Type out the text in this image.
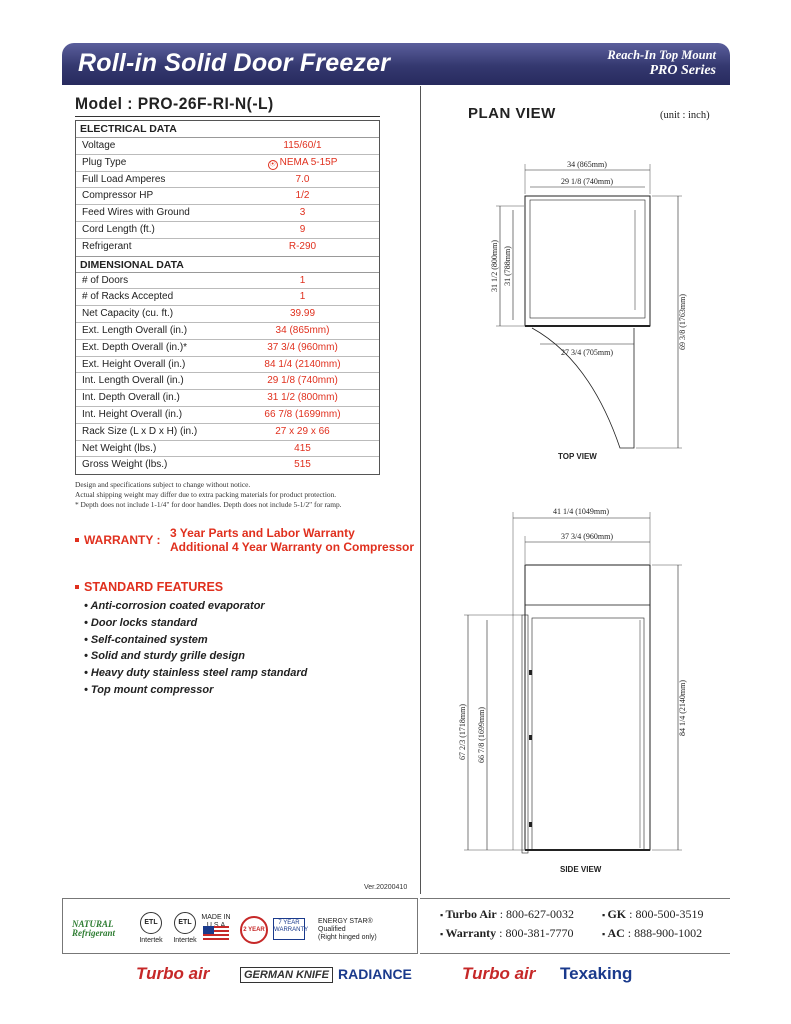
Roll-in Solid Door Freezer	Reach-In Top Mount
PRO Series
Model : PRO-26F-RI-N(-L)
ELECTRICAL DATA
Voltage	115/60/1
Plug Type	⦿ NEMA 5-15P
Full Load Amperes	7.0
Compressor HP	1/2
Feed Wires with Ground	3
Cord Length (ft.)	9
Refrigerant	R-290
DIMENSIONAL DATA
# of Doors	1
# of Racks Accepted	1
Net Capacity (cu. ft.)	39.99
Ext. Length Overall (in.)	34 (865mm)
Ext. Depth Overall (in.)*	37 3/4 (960mm)
Ext. Height Overall (in.)	84 1/4 (2140mm)
Int. Length Overall (in.)	29 1/8 (740mm)
Int. Depth Overall (in.)	31 1/2 (800mm)
Int. Height Overall (in.)	66 7/8 (1699mm)
Rack Size (L x D x H) (in.)	27 x 29 x 66
Net Weight (lbs.)	415
Gross Weight (lbs.)	515
Design and specifications subject to change without notice.
Actual shipping weight may differ due to extra packing materials for product protection.
* Depth does not include 1-1/4" for door handles. Depth does not include 5-1/2" for ramp.
WARRANTY : 3 Year Parts and Labor Warranty
Additional 4 Year Warranty on Compressor
STANDARD FEATURES
• Anti-corrosion coated evaporator
• Door locks standard
• Self-contained system
• Solid and sturdy grille design
• Heavy duty stainless steel ramp standard
• Top mount compressor
Ver.20200410
PLAN VIEW	(unit : inch)
34 (865mm)
29 1/8 (740mm)
27 3/4 (705mm)
31 1/2 (800mm) 31 (788mm)
69 3/8 (1763mm)
41 1/4 (1049mm)
37 3/4 (960mm)
84 1/4 (2140mm)
67 2/3 (1718mm) 66 7/8 (1699mm)
TOP VIEW
SIDE VIEW
NATURAL Refrigerant
ETL
Intertek
ETL
Intertek
MADE IN
2 YEAR
7 YEAR WARRANTY
ENERGY STAR®
Qualified
(Right hinged only)
▪ Turbo Air : 800-627-0032	▪ GK : 800-500-3519
▪ Warranty : 800-381-7770	▪ AC : 888-900-1002
Turbo air	GERMAN KNIFE RADIANCE	Turbo air Texaking
